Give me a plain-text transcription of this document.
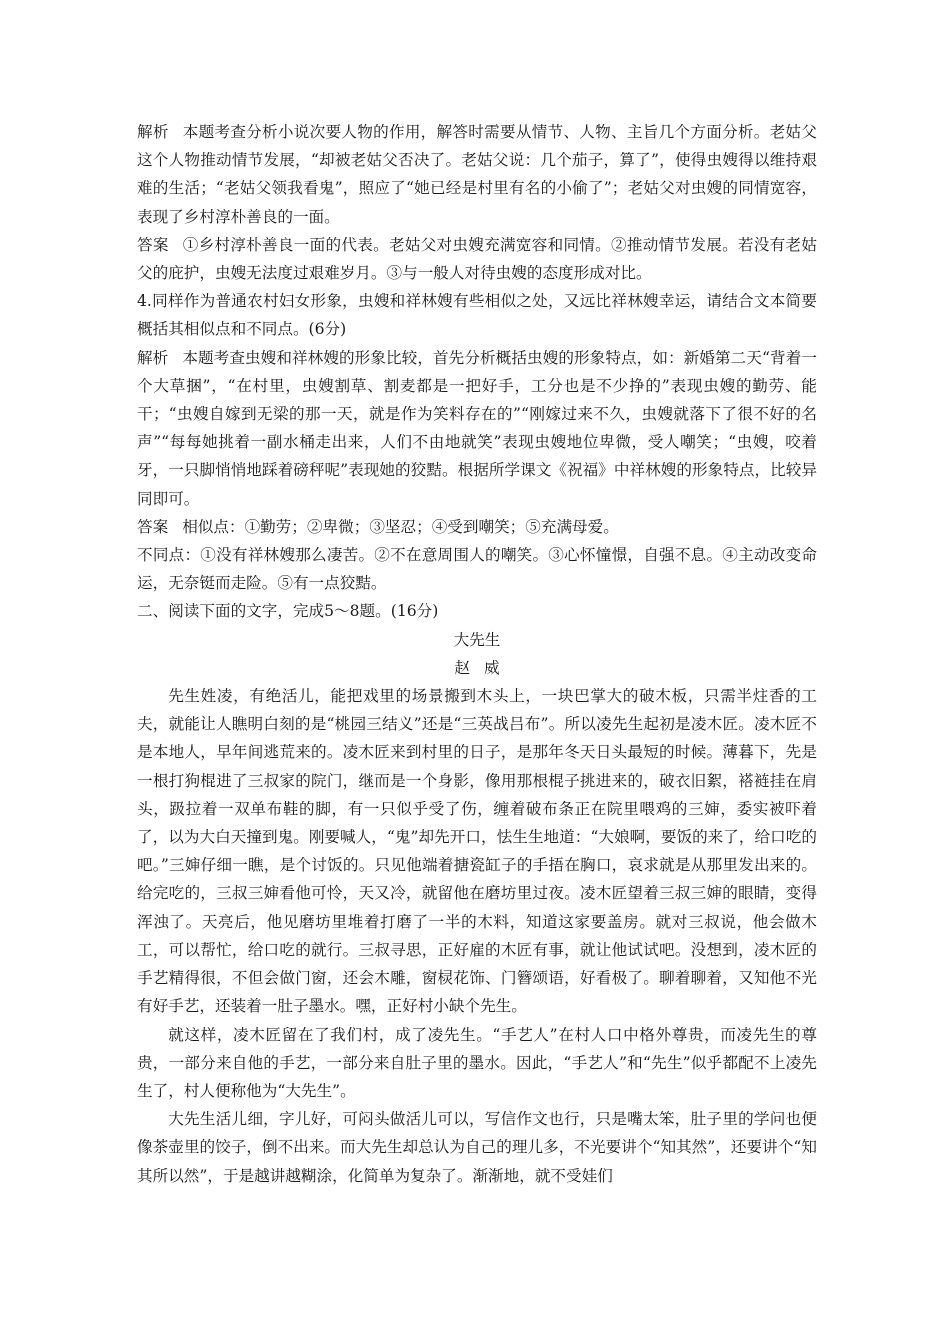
解析 本题考查分析小说次要人物的作用，解答时需要从情节、人物、主旨几个方面分析。老姑父这个人物推动情节发展，“却被老姑父否决了。老姑父说：几个茄子，算了”，使得虫嫂得以维持艰难的生活；“老姑父领我看鬼”，照应了“她已经是村里有名的小偷了”；老姑父对虫嫂的同情宽容，表现了乡村淳朴善良的一面。

答案 ①乡村淳朴善良一面的代表。老姑父对虫嫂充满宽容和同情。②推动情节发展。若没有老姑父的庇护，虫嫂无法度过艰难岁月。③与一般人对待虫嫂的态度形成对比。

4.同样作为普通农村妇女形象，虫嫂和祥林嫂有些相似之处，又远比祥林嫂幸运，请结合文本简要概括其相似点和不同点。(6分)

解析 本题考查虫嫂和祥林嫂的形象比较，首先分析概括虫嫂的形象特点，如：新婚第二天“背着一个大草捆”，“在村里，虫嫂割草、割麦都是一把好手，工分也是不少挣的”表现虫嫂的勤劳、能干；“虫嫂自嫁到无梁的那一天，就是作为笑料存在的”“刚嫁过来不久，虫嫂就落下了很不好的名声”“每每她挑着一副水桶走出来，人们不由地就笑”表现虫嫂地位卑微，受人嘲笑；“虫嫂，咬着牙，一只脚悄悄地踩着磅秤呢”表现她的狡黠。根据所学课文《祝福》中祥林嫂的形象特点，比较异同即可。

答案 相似点：①勤劳；②卑微；③坚忍；④受到嘲笑；⑤充满母爱。

不同点：①没有祥林嫂那么凄苦。②不在意周围人的嘲笑。③心怀憧憬，自强不息。④主动改变命运，无奈铤而走险。⑤有一点狡黠。

二、阅读下面的文字，完成5～8题。(16分)

大先生

赵威

先生姓凌，有绝活儿，能把戏里的场景搬到木头上，一块巴掌大的破木板，只需半炷香的工夫，就能让人瞧明白刻的是“桃园三结义”还是“三英战吕布”。所以凌先生起初是凌木匠。凌木匠不是本地人，早年间逃荒来的。凌木匠来到村里的日子，是那年冬天日头最短的时候。薄暮下，先是一根打狗棍进了三叔家的院门，继而是一个身影，像用那根棍子挑进来的，破衣旧絮，褡裢挂在肩头，趿拉着一双单布鞋的脚，有一只似乎受了伤，缠着破布条正在院里喂鸡的三婶，委实被吓着了，以为大白天撞到鬼。刚要喊人，“鬼”却先开口，怯生生地道：“大娘啊，要饭的来了，给口吃的吧。”三婶仔细一瞧，是个讨饭的。只见他端着搪瓷缸子的手捂在胸口，哀求就是从那里发出来的。给完吃的，三叔三婶看他可怜，天又冷，就留他在磨坊里过夜。凌木匠望着三叔三婶的眼睛，变得浑浊了。天亮后，他见磨坊里堆着打磨了一半的木料，知道这家要盖房。就对三叔说，他会做木工，可以帮忙，给口吃的就行。三叔寻思，正好雇的木匠有事，就让他试试吧。没想到，凌木匠的手艺精得很，不但会做门窗，还会木雕，窗棂花饰、门簪颂语，好看极了。聊着聊着，又知他不光有好手艺，还装着一肚子墨水。嘿，正好村小缺个先生。

就这样，凌木匠留在了我们村，成了凌先生。“手艺人”在村人口中格外尊贵，而凌先生的尊贵，一部分来自他的手艺，一部分来自肚子里的墨水。因此，“手艺人”和“先生”似乎都配不上凌先生了，村人便称他为“大先生”。

大先生活儿细，字儿好，可闷头做活儿可以，写信作文也行，只是嘴太笨，肚子里的学问也便像茶壶里的饺子，倒不出来。而大先生却总认为自己的理儿多，不光要讲个“知其然”，还要讲个“知其所以然”，于是越讲越糊涂，化简单为复杂了。渐渐地，就不受娃们
